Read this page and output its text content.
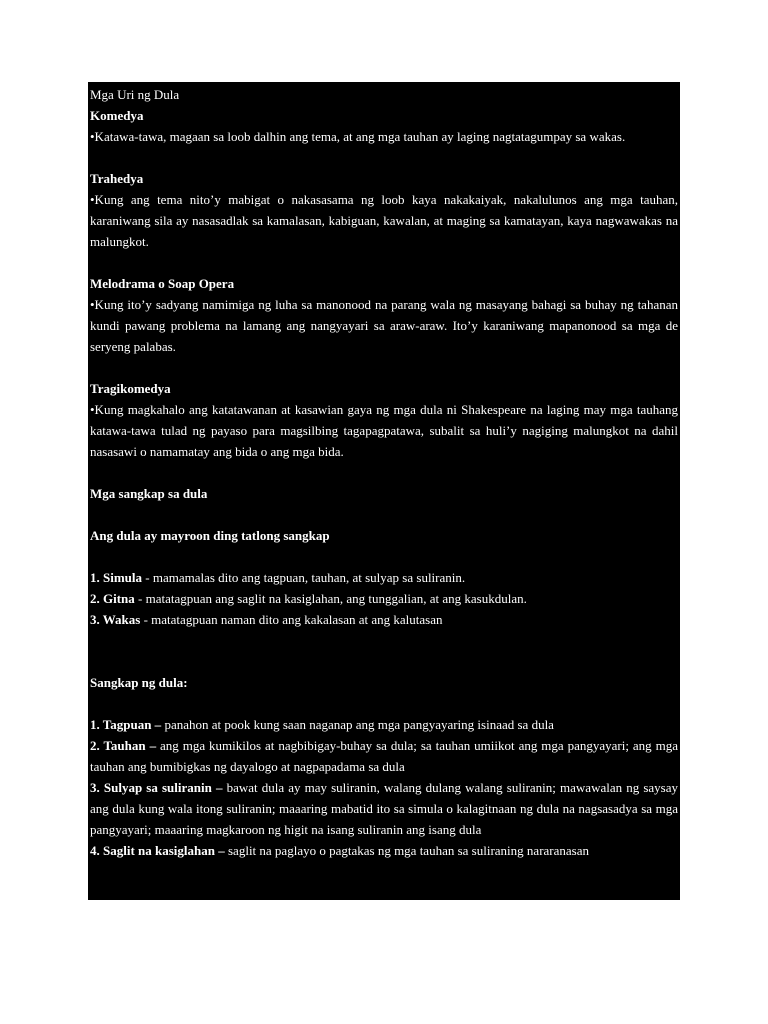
Mga Uri ng Dula

Komedya

•Katawa-tawa, magaan sa loob dalhin ang tema, at ang mga tauhan ay laging nagtatagumpay sa wakas.

Trahedya

•Kung ang tema nito’y mabigat o nakasasama ng loob kaya nakakaiyak, nakalulunos ang mga tauhan, karaniwang sila ay nasasadlak sa kamalasan, kabiguan, kawalan, at maging sa kamatayan, kaya nagwawakas na malungkot.

Melodrama o Soap Opera

•Kung ito’y sadyang namimiga ng luha sa manonood na parang wala ng masayang bahagi sa buhay ng tahanan kundi pawang problema na lamang ang nangyayari sa araw-araw. Ito’y karaniwang mapanonood sa mga de seryeng palabas.

Tragikomedya

•Kung magkahalo ang katatawanan at kasawian gaya ng mga dula ni Shakespeare na laging may mga tauhang katawa-tawa tulad ng payaso para magsilbing tagapagpatawa, subalit sa huli’y nagiging malungkot na dahil nasasawi o namamatay ang bida o ang mga bida.

Mga sangkap sa dula

Ang dula ay mayroon ding tatlong sangkap

1. Simula - mamamalas dito ang tagpuan, tauhan, at sulyap sa suliranin.

2. Gitna - matatagpuan ang saglit na kasiglahan, ang tunggalian, at ang kasukdulan.

3. Wakas - matatagpuan naman dito ang kakalasan at ang kalutasan

Sangkap ng dula:

1. Tagpuan – panahon at pook kung saan naganap ang mga pangyayaring isinaad sa dula

2. Tauhan – ang mga kumikilos at nagbibigay-buhay sa dula; sa tauhan umiikot ang mga pangyayari; ang mga tauhan ang bumibigkas ng dayalogo at nagpapadama sa dula

3. Sulyap sa suliranin – bawat dula ay may suliranin, walang dulang walang suliranin; mawawalan ng saysay ang dula kung wala itong suliranin; maaaring mabatid ito sa simula o kalagitnaan ng dula na nagsasadya sa mga pangyayari; maaaring magkaroon ng higit na isang suliranin ang isang dula

4. Saglit na kasiglahan – saglit na paglayo o pagtakas ng mga tauhan sa suliraning nararanasan
